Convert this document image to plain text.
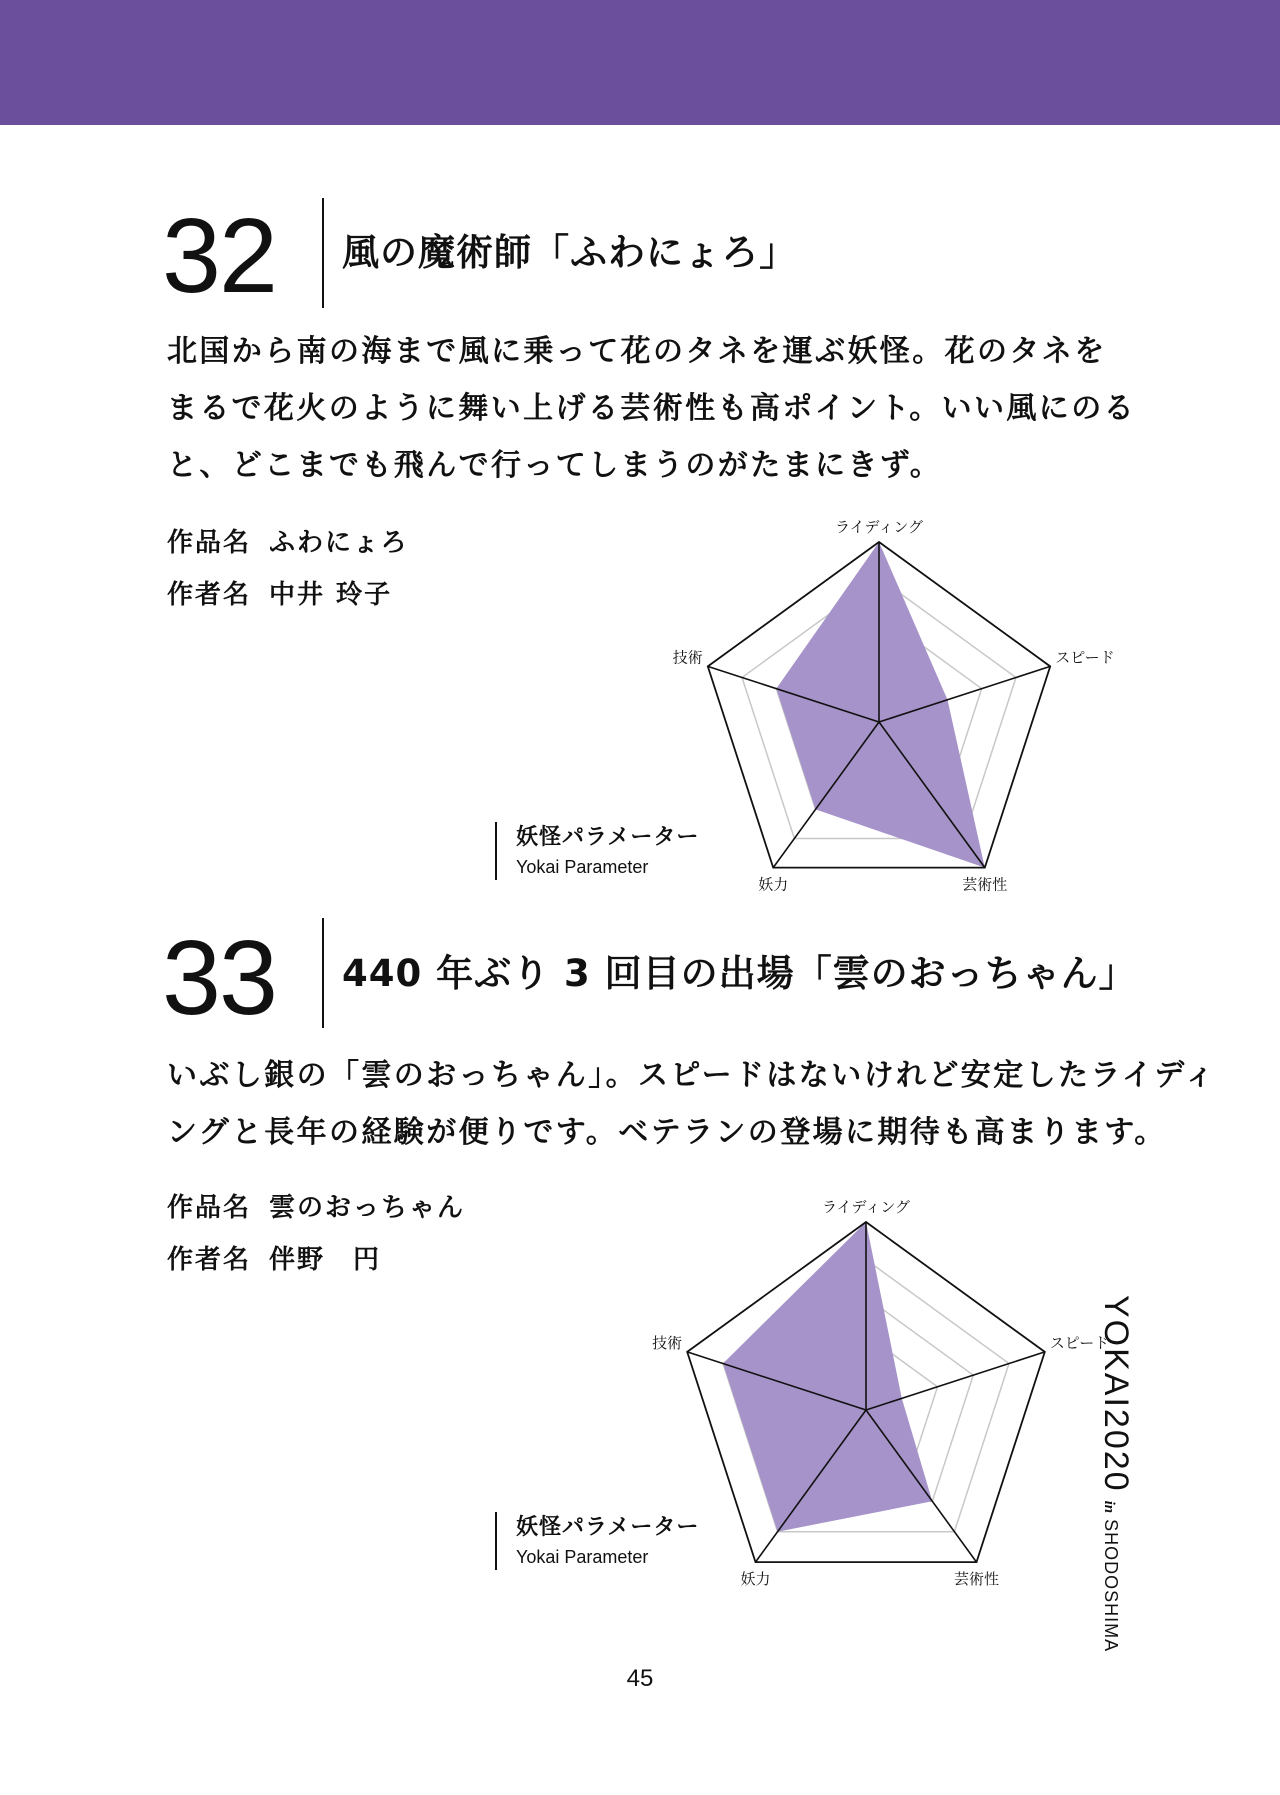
32	風の魔術師「ふわにょろ」
北国から南の海まで風に乗って花のタネを運ぶ妖怪。花のタネを
まるで花火のように舞い上げる芸術性も高ポイント。いい風にのる
と、どこまでも飛んで行ってしまうのがたまにきず。
作品名 ふわにょろ
作者名 中井 玲子
妖怪パラメーター
Yokai Parameter
ライディング
スピード
芸術性
妖力
技術
33	440 年ぶり 3 回目の出場「雲のおっちゃん」
いぶし銀の「雲のおっちゃん」。スピードはないけれど安定したライディ
ングと長年の経験が便りです。ベテランの登場に期待も高まります。
作品名 雲のおっちゃん
作者名 伴野　円
妖怪パラメーター
Yokai Parameter
ライディング
スピード
芸術性
妖力
技術	YOKAI2020inSHODOSHIMA
45
